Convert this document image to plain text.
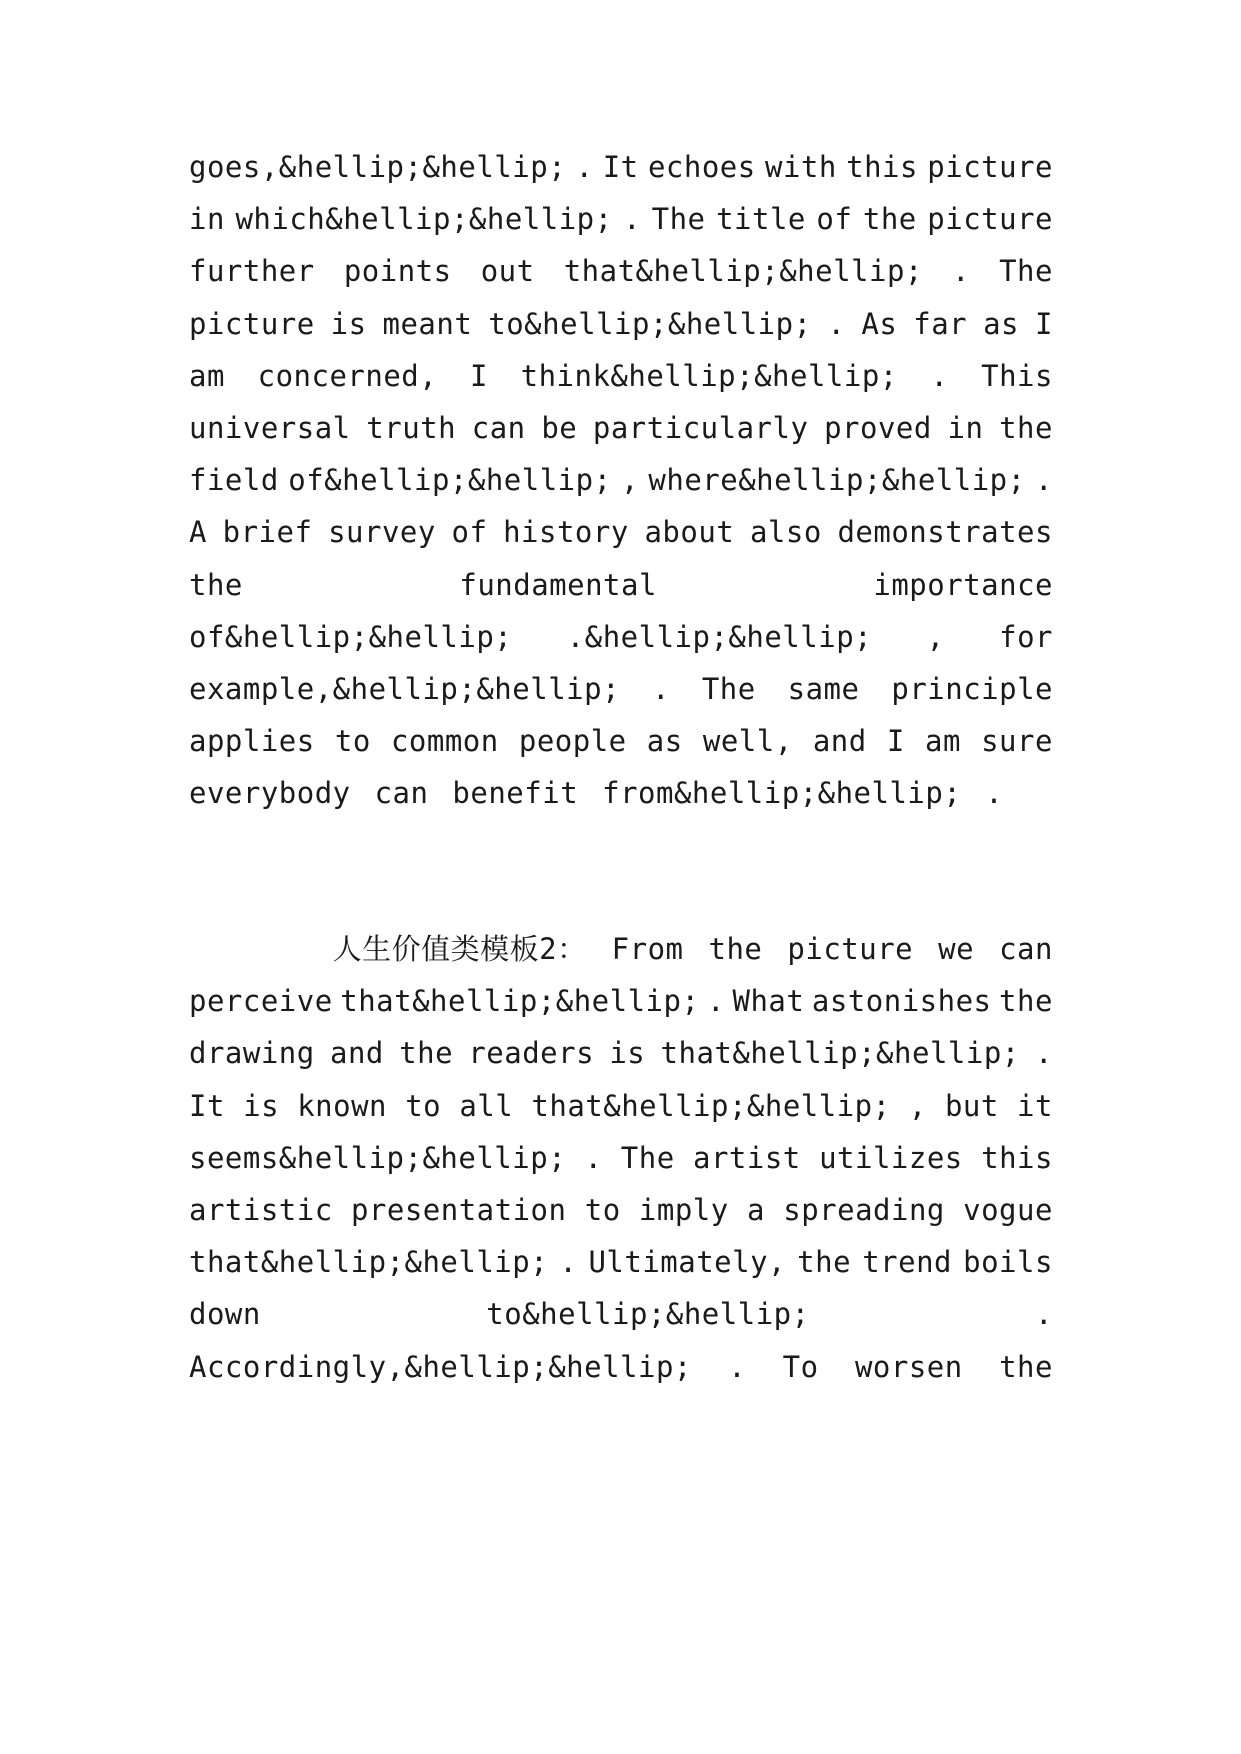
goes,&hellip;&hellip; . It echoes with this picture
in which&hellip;&hellip; . The title of the picture
further points out that&hellip;&hellip; . The
picture is meant to&hellip;&hellip; . As far as I
am concerned, I think&hellip;&hellip; . This
universal truth can be particularly proved in the
field of&hellip;&hellip; , where&hellip;&hellip; .
A brief survey of history about also demonstrates
the	fundamental	importance
of&hellip;&hellip; .&hellip;&hellip; , for
example,&hellip;&hellip; . The same principle
applies to common people as well, and I am sure
everybody can benefit from&hellip;&hellip; .
人生价值类模板2： From the picture we can
perceive that&hellip;&hellip; . What astonishes the
drawing and the readers is that&hellip;&hellip; .
It is known to all that&hellip;&hellip; , but it
seems&hellip;&hellip; . The artist utilizes this
artistic presentation to imply a spreading vogue
that&hellip;&hellip; . Ultimately, the trend boils
down	to&hellip;&hellip;	.
Accordingly,&hellip;&hellip; . To worsen the
